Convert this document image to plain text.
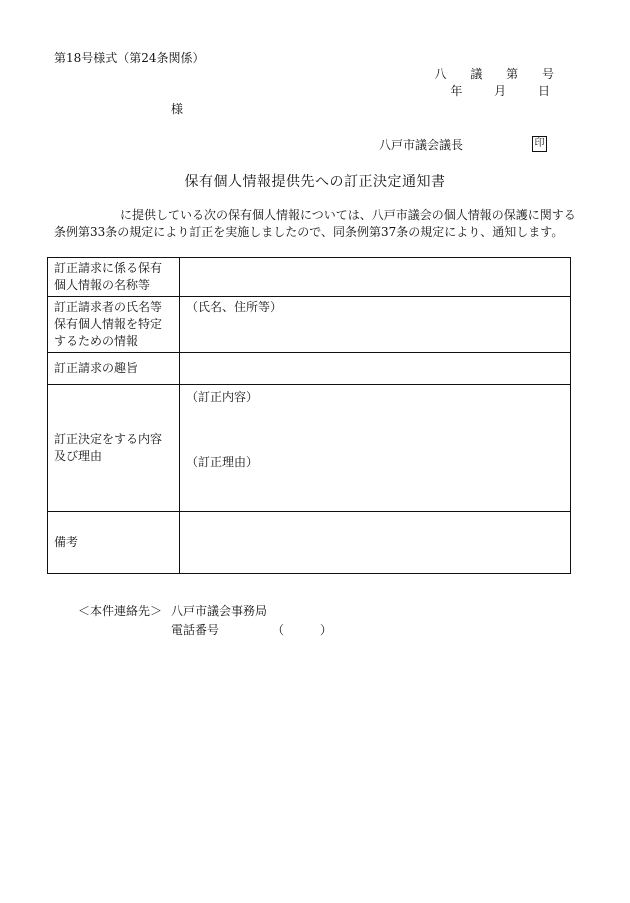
第18号様式（第24条関係）
八 議 第 号
年 月 日
様
八戸市議会議長	印
保有個人情報提供先への訂正決定通知書
に提供している次の保有個人情報については、八戸市議会の個人情報の保護に関する条例第33条の規定により訂正を実施しましたので、同条例第37条の規定により、通知します。
訂正請求に係る保有個人情報の名称等	
訂正請求者の氏名等保有個人情報を特定するための情報	（氏名、住所等）
訂正請求の趣旨	
訂正決定をする内容及び理由	（訂正内容）
（訂正理由）

備考	
＜本件連絡先＞ 八戸市議会事務局
電話番号	（　　　）
